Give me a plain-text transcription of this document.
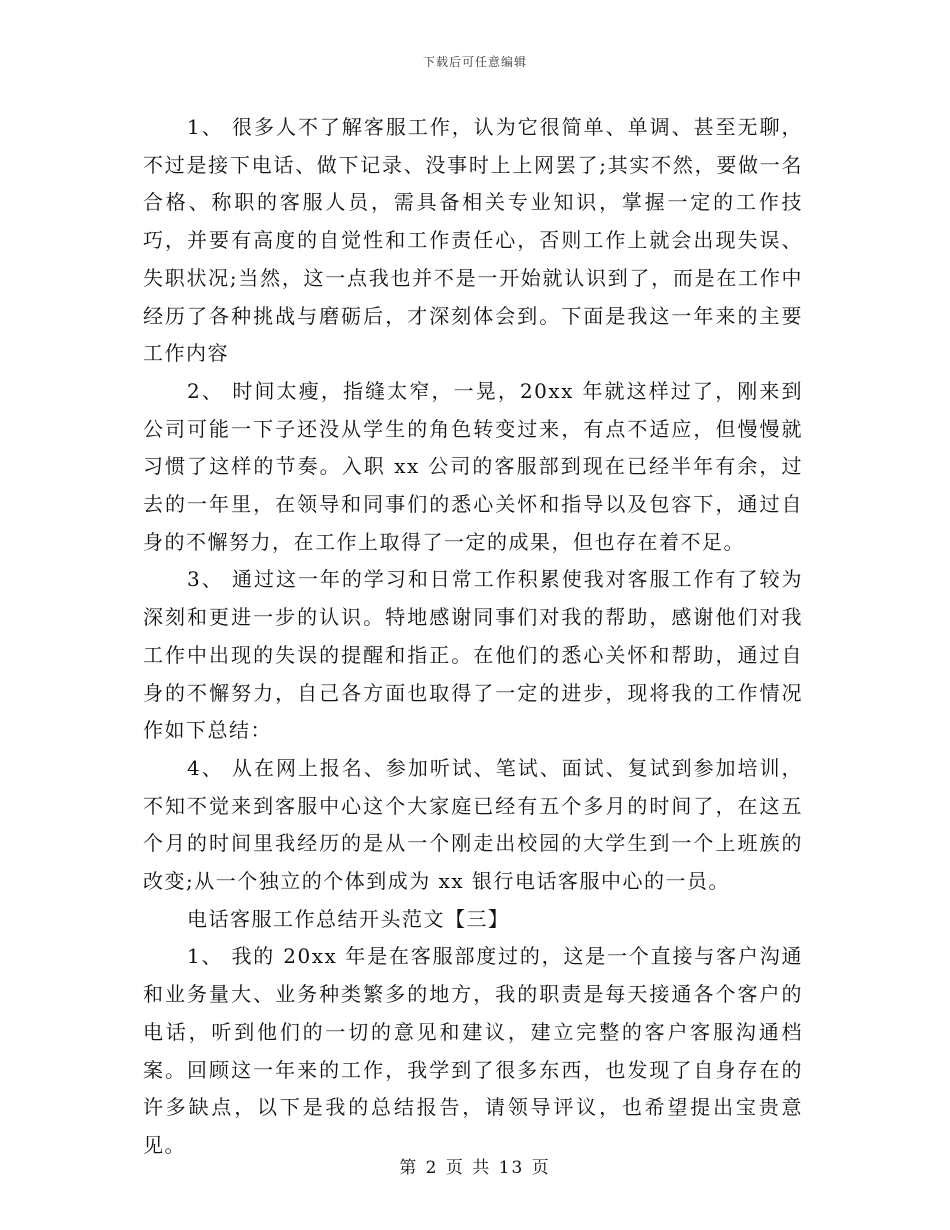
下载后可任意编辑

1、 很多人不了解客服工作，认为它很简单、单调、甚至无聊，不过是接下电话、做下记录、没事时上上网罢了;其实不然，要做一名合格、称职的客服人员，需具备相关专业知识，掌握一定的工作技巧，并要有高度的自觉性和工作责任心，否则工作上就会出现失误、失职状况;当然，这一点我也并不是一开始就认识到了，而是在工作中经历了各种挑战与磨砺后，才深刻体会到。下面是我这一年来的主要工作内容

2、 时间太瘦，指缝太窄，一晃，20xx 年就这样过了，刚来到公司可能一下子还没从学生的角色转变过来，有点不适应，但慢慢就习惯了这样的节奏。入职 xx 公司的客服部到现在已经半年有余，过去的一年里，在领导和同事们的悉心关怀和指导以及包容下，通过自身的不懈努力，在工作上取得了一定的成果，但也存在着不足。

3、 通过这一年的学习和日常工作积累使我对客服工作有了较为深刻和更进一步的认识。特地感谢同事们对我的帮助，感谢他们对我工作中出现的失误的提醒和指正。在他们的悉心关怀和帮助，通过自身的不懈努力，自己各方面也取得了一定的进步，现将我的工作情况作如下总结：

4、 从在网上报名、参加听试、笔试、面试、复试到参加培训，不知不觉来到客服中心这个大家庭已经有五个多月的时间了，在这五个月的时间里我经历的是从一个刚走出校园的大学生到一个上班族的改变;从一个独立的个体到成为 xx 银行电话客服中心的一员。

电话客服工作总结开头范文【三】

1、 我的 20xx 年是在客服部度过的，这是一个直接与客户沟通和业务量大、业务种类繁多的地方，我的职责是每天接通各个客户的电话，听到他们的一切的意见和建议，建立完整的客户客服沟通档案。回顾这一年来的工作，我学到了很多东西，也发现了自身存在的许多缺点，以下是我的总结报告，请领导评议，也希望提出宝贵意见。

第 2 页 共 13 页
